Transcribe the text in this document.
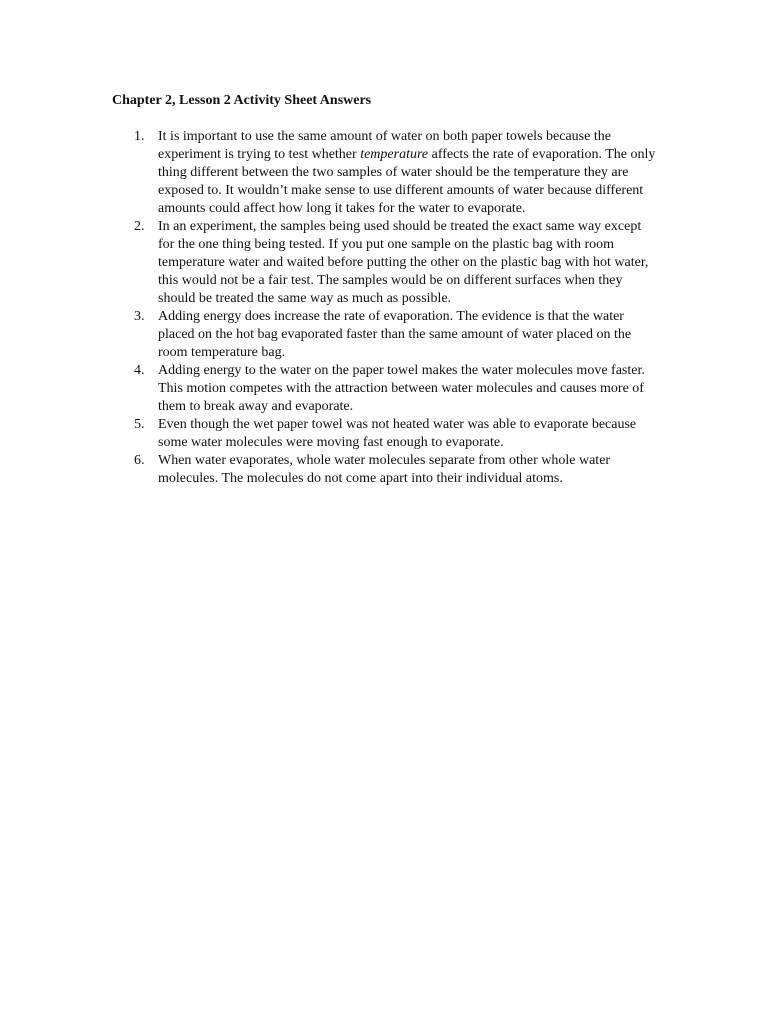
Chapter 2, Lesson 2 Activity Sheet Answers
1. It is important to use the same amount of water on both paper towels because the experiment is trying to test whether temperature affects the rate of evaporation. The only thing different between the two samples of water should be the temperature they are exposed to. It wouldn’t make sense to use different amounts of water because different amounts could affect how long it takes for the water to evaporate.
2. In an experiment, the samples being used should be treated the exact same way except for the one thing being tested. If you put one sample on the plastic bag with room temperature water and waited before putting the other on the plastic bag with hot water, this would not be a fair test. The samples would be on different surfaces when they should be treated the same way as much as possible.
3. Adding energy does increase the rate of evaporation. The evidence is that the water placed on the hot bag evaporated faster than the same amount of water placed on the room temperature bag.
4. Adding energy to the water on the paper towel makes the water molecules move faster. This motion competes with the attraction between water molecules and causes more of them to break away and evaporate.
5. Even though the wet paper towel was not heated water was able to evaporate because some water molecules were moving fast enough to evaporate.
6. When water evaporates, whole water molecules separate from other whole water molecules. The molecules do not come apart into their individual atoms.
